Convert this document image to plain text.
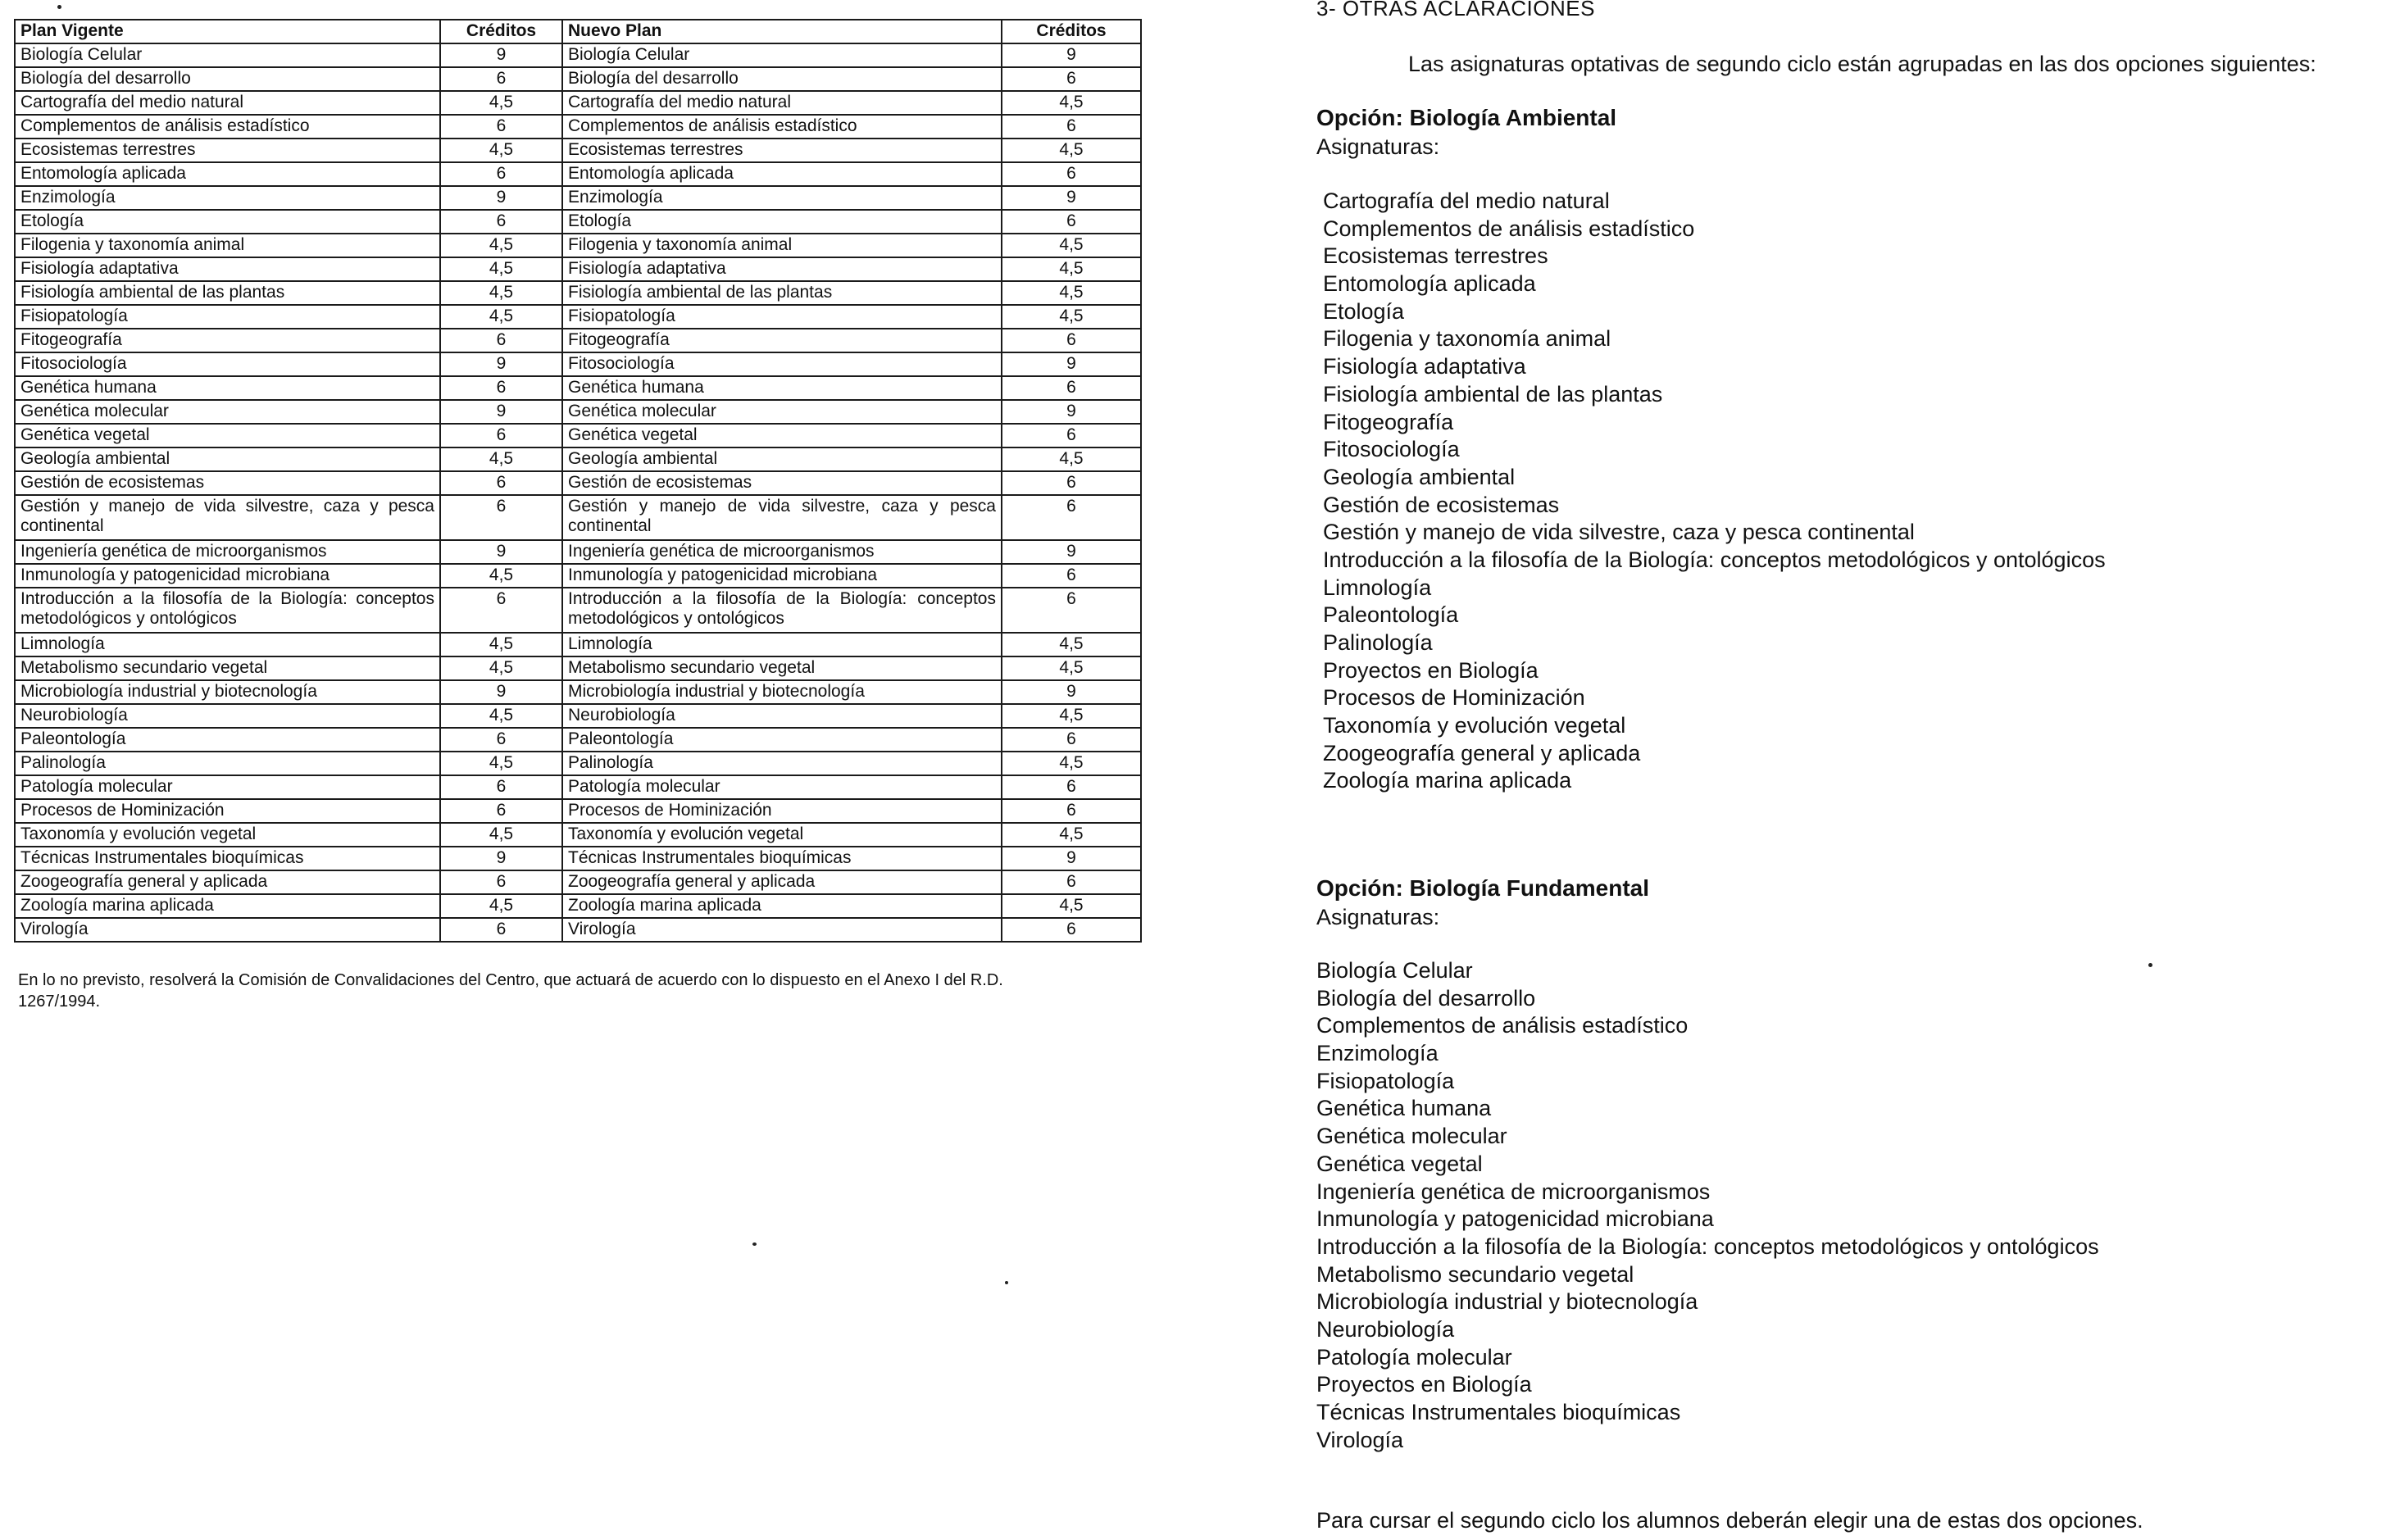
Plan Vigente	Créditos	Nuevo Plan	Créditos
Biología Celular	9	Biología Celular	9
Biología del desarrollo	6	Biología del desarrollo	6
Cartografía del medio natural	4,5	Cartografía del medio natural	4,5
Complementos de análisis estadístico	6	Complementos de análisis estadístico	6
Ecosistemas terrestres	4,5	Ecosistemas terrestres	4,5
Entomología aplicada	6	Entomología aplicada	6
Enzimología	9	Enzimología	9
Etología	6	Etología	6
Filogenia y taxonomía animal	4,5	Filogenia y taxonomía animal	4,5
Fisiología adaptativa	4,5	Fisiología adaptativa	4,5
Fisiología ambiental de las plantas	4,5	Fisiología ambiental de las plantas	4,5
Fisiopatología	4,5	Fisiopatología	4,5
Fitogeografía	6	Fitogeografía	6
Fitosociología	9	Fitosociología	9
Genética humana	6	Genética humana	6
Genética molecular	9	Genética molecular	9
Genética vegetal	6	Genética vegetal	6
Geología ambiental	4,5	Geología ambiental	4,5
Gestión de ecosistemas	6	Gestión de ecosistemas	6
Gestión y manejo de vida silvestre, caza y pesca continental	6	Gestión y manejo de vida silvestre, caza y pesca continental	6
Ingeniería genética de microorganismos	9	Ingeniería genética de microorganismos	9
Inmunología y patogenicidad microbiana	4,5	Inmunología y patogenicidad microbiana	6
Introducción a la filosofía de la Biología: conceptos metodológicos y ontológicos	6	Introducción a la filosofía de la Biología: conceptos metodológicos y ontológicos	6
Limnología	4,5	Limnología	4,5
Metabolismo secundario vegetal	4,5	Metabolismo secundario vegetal	4,5
Microbiología industrial y biotecnología	9	Microbiología industrial y biotecnología	9
Neurobiología	4,5	Neurobiología	4,5
Paleontología	6	Paleontología	6
Palinología	4,5	Palinología	4,5
Patología molecular	6	Patología molecular	6
Procesos de Hominización	6	Procesos de Hominización	6
Taxonomía y evolución vegetal	4,5	Taxonomía y evolución vegetal	4,5
Técnicas Instrumentales bioquímicas	9	Técnicas Instrumentales bioquímicas	9
Zoogeografía general y aplicada	6	Zoogeografía general y aplicada	6
Zoología marina aplicada	4,5	Zoología marina aplicada	4,5
Virología	6	Virología	6
En lo no previsto, resolverá la Comisión de Convalidaciones del Centro, que actuará de acuerdo con lo dispuesto en el Anexo I del R.D. 1267/1994.
3- OTRAS ACLARACIONES
Las asignaturas optativas de segundo ciclo están agrupadas en las dos opciones siguientes:
Opción: Biología Ambiental
Asignaturas:
Cartografía del medio natural
Complementos de análisis estadístico
Ecosistemas terrestres
Entomología aplicada
Etología
Filogenia y taxonomía animal
Fisiología adaptativa
Fisiología ambiental de las plantas
Fitogeografía
Fitosociología
Geología ambiental
Gestión de ecosistemas
Gestión y manejo de vida silvestre, caza y pesca continental
Introducción a la filosofía de la Biología: conceptos metodológicos y ontológicos
Limnología
Paleontología
Palinología
Proyectos en Biología
Procesos de Hominización
Taxonomía y evolución vegetal
Zoogeografía general y aplicada
Zoología marina aplicada
Opción: Biología Fundamental
Asignaturas:
Biología Celular
Biología del desarrollo
Complementos de análisis estadístico
Enzimología
Fisiopatología
Genética humana
Genética molecular
Genética vegetal
Ingeniería genética de microorganismos
Inmunología y patogenicidad microbiana
Introducción a la filosofía de la Biología: conceptos metodológicos y ontológicos
Metabolismo secundario vegetal
Microbiología industrial y biotecnología
Neurobiología
Patología molecular
Proyectos en Biología
Técnicas Instrumentales bioquímicas
Virología
Para cursar el segundo ciclo los alumnos deberán elegir una de estas dos opciones.
